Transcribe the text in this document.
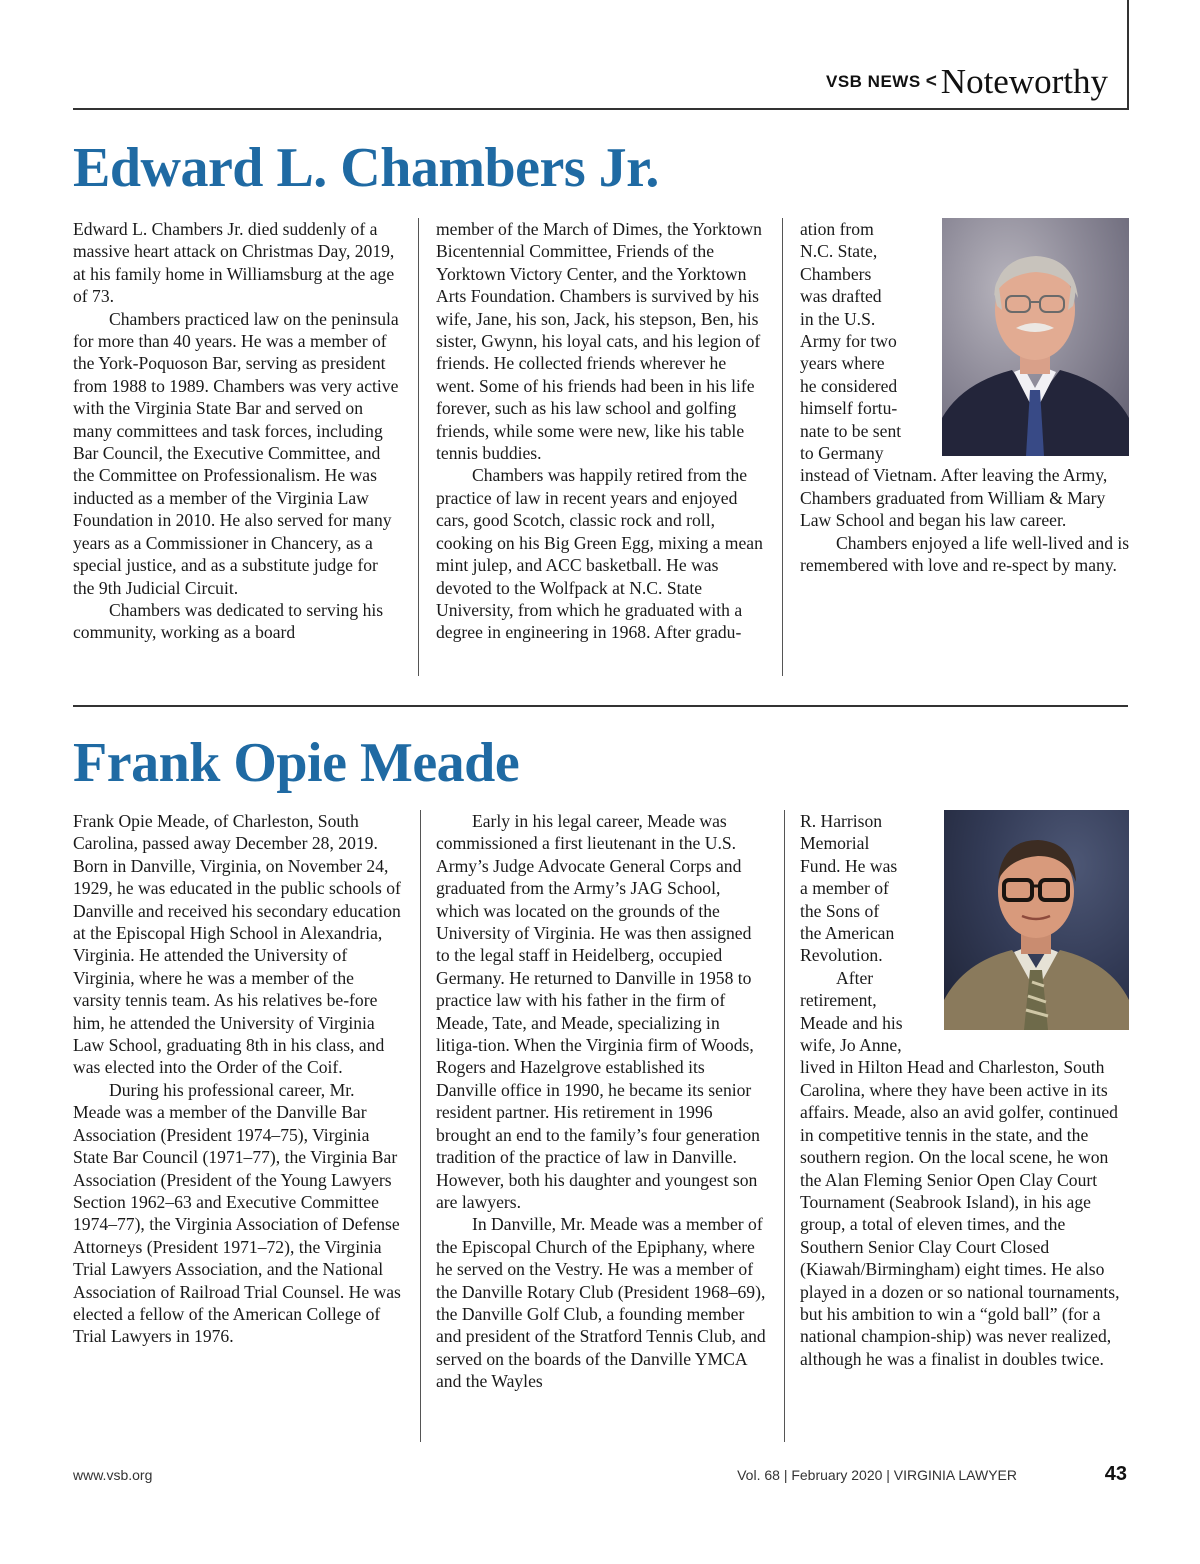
VSB NEWS < Noteworthy
Edward L. Chambers Jr.

Edward L. Chambers Jr. died suddenly of a massive heart attack on Christmas Day, 2019, at his family home in Williamsburg at the age of 73.

Chambers practiced law on the peninsula for more than 40 years. He was a member of the York-Poquoson Bar, serving as president from 1988 to 1989. Chambers was very active with the Virginia State Bar and served on many committees and task forces, including Bar Council, the Executive Committee, and the Committee on Professionalism. He was inducted as a member of the Virginia Law Foundation in 2010. He also served for many years as a Commissioner in Chancery, as a special justice, and as a substitute judge for the 9th Judicial Circuit.

Chambers was dedicated to serving his community, working as a board

member of the March of Dimes, the Yorktown Bicentennial Committee, Friends of the Yorktown Victory Center, and the Yorktown Arts Foundation. Chambers is survived by his wife, Jane, his son, Jack, his stepson, Ben, his sister, Gwynn, his loyal cats, and his legion of friends. He collected friends wherever he went. Some of his friends had been in his life forever, such as his law school and golfing friends, while some were new, like his table tennis buddies.

Chambers was happily retired from the practice of law in recent years and enjoyed cars, good Scotch, classic rock and roll, cooking on his Big Green Egg, mixing a mean mint julep, and ACC basketball. He was devoted to the Wolfpack at N.C. State University, from which he graduated with a degree in engineering in 1968. After gradu-

ation from
N.C. State,
Chambers
was drafted
in the U.S.
Army for two
years where
he considered
himself fortu-
nate to be sent
to Germany

instead of Vietnam. After leaving the Army, Chambers graduated from William & Mary Law School and began his law career.

Chambers enjoyed a life well-lived and is remembered with love and re-spect by many.

Frank Opie Meade

Frank Opie Meade, of Charleston, South Carolina, passed away December 28, 2019. Born in Danville, Virginia, on November 24, 1929, he was educated in the public schools of Danville and received his secondary education at the Episcopal High School in Alexandria, Virginia. He attended the University of Virginia, where he was a member of the varsity tennis team. As his relatives be-fore him, he attended the University of Virginia Law School, graduating 8th in his class, and was elected into the Order of the Coif.

During his professional career, Mr. Meade was a member of the Danville Bar Association (President 1974–75), Virginia State Bar Council (1971–77), the Virginia Bar Association (President of the Young Lawyers Section 1962–63 and Executive Committee 1974–77), the Virginia Association of Defense Attorneys (President 1971–72), the Virginia Trial Lawyers Association, and the National Association of Railroad Trial Counsel. He was elected a fellow of the American College of Trial Lawyers in 1976.

Early in his legal career, Meade was commissioned a first lieutenant in the U.S. Army’s Judge Advocate General Corps and graduated from the Army’s JAG School, which was located on the grounds of the University of Virginia. He was then assigned to the legal staff in Heidelberg, occupied Germany. He returned to Danville in 1958 to practice law with his father in the firm of Meade, Tate, and Meade, specializing in litiga-tion. When the Virginia firm of Woods, Rogers and Hazelgrove established its Danville office in 1990, he became its senior resident partner. His retirement in 1996 brought an end to the family’s four generation tradition of the practice of law in Danville. However, both his daughter and youngest son are lawyers.

In Danville, Mr. Meade was a member of the Episcopal Church of the Epiphany, where he served on the Vestry. He was a member of the Danville Rotary Club (President 1968–69), the Danville Golf Club, a founding member and president of the Stratford Tennis Club, and served on the boards of the Danville YMCA and the Wayles

R. Harrison
Memorial
Fund. He was
a member of
the Sons of
the American
Revolution.
After
retirement,
Meade and his
wife, Jo Anne,

lived in Hilton Head and Charleston, South Carolina, where they have been active in its affairs. Meade, also an avid golfer, continued in competitive tennis in the state, and the southern region. On the local scene, he won the Alan Fleming Senior Open Clay Court Tournament (Seabrook Island), in his age group, a total of eleven times, and the Southern Senior Clay Court Closed (Kiawah/Birmingham) eight times. He also played in a dozen or so national tournaments, but his ambition to win a “gold ball” (for a national champion-ship) was never realized, although he was a finalist in doubles twice.

www.vsb.org	Vol. 68 | February 2020 | VIRGINIA LAWYER	43
